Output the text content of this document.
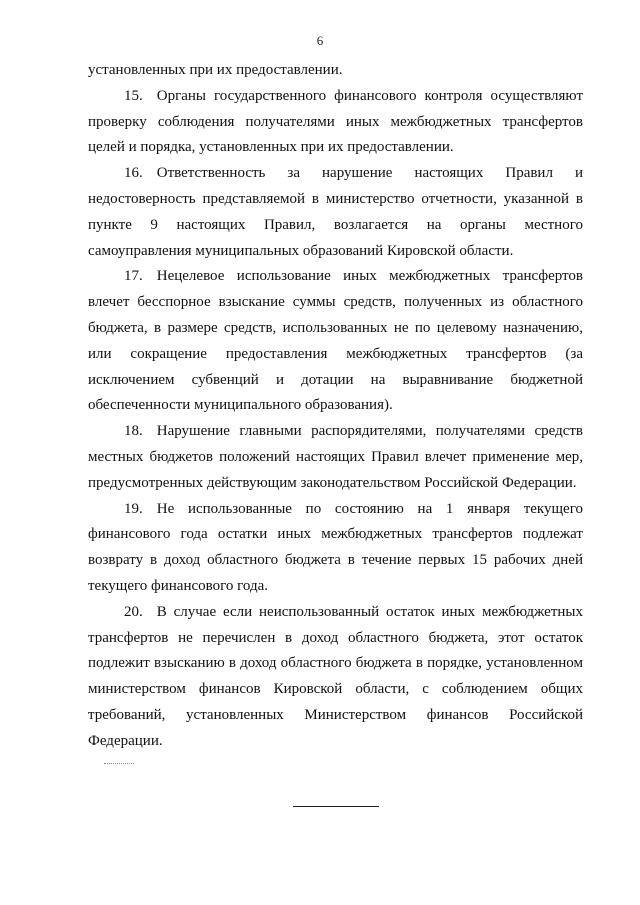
6

установленных при их предоставлении.

15. Органы государственного финансового контроля осуществляют проверку соблюдения получателями иных межбюджетных трансфертов целей и порядка, установленных при их предоставлении.

16. Ответственность за нарушение настоящих Правил и недостоверность представляемой в министерство отчетности, указанной в пункте 9 настоящих Правил, возлагается на органы местного самоуправления муниципальных образований Кировской области.

17. Нецелевое использование иных межбюджетных трансфертов влечет бесспорное взыскание суммы средств, полученных из областного бюджета, в размере средств, использованных не по целевому назначению, или сокращение предоставления межбюджетных трансфертов (за исключением субвенций и дотации на выравнивание бюджетной обеспеченности муниципального образования).

18. Нарушение главными распорядителями, получателями средств местных бюджетов положений настоящих Правил влечет применение мер, предусмотренных действующим законодательством Российской Федерации.

19. Не использованные по состоянию на 1 января текущего финансового года остатки иных межбюджетных трансфертов подлежат возврату в доход областного бюджета в течение первых 15 рабочих дней текущего финансового года.

20. В случае если неиспользованный остаток иных межбюджетных трансфертов не перечислен в доход областного бюджета, этот остаток подлежит взысканию в доход областного бюджета в порядке, установленном министерством финансов Кировской области, с соблюдением общих требований, установленных Министерством финансов Российской Федерации.
